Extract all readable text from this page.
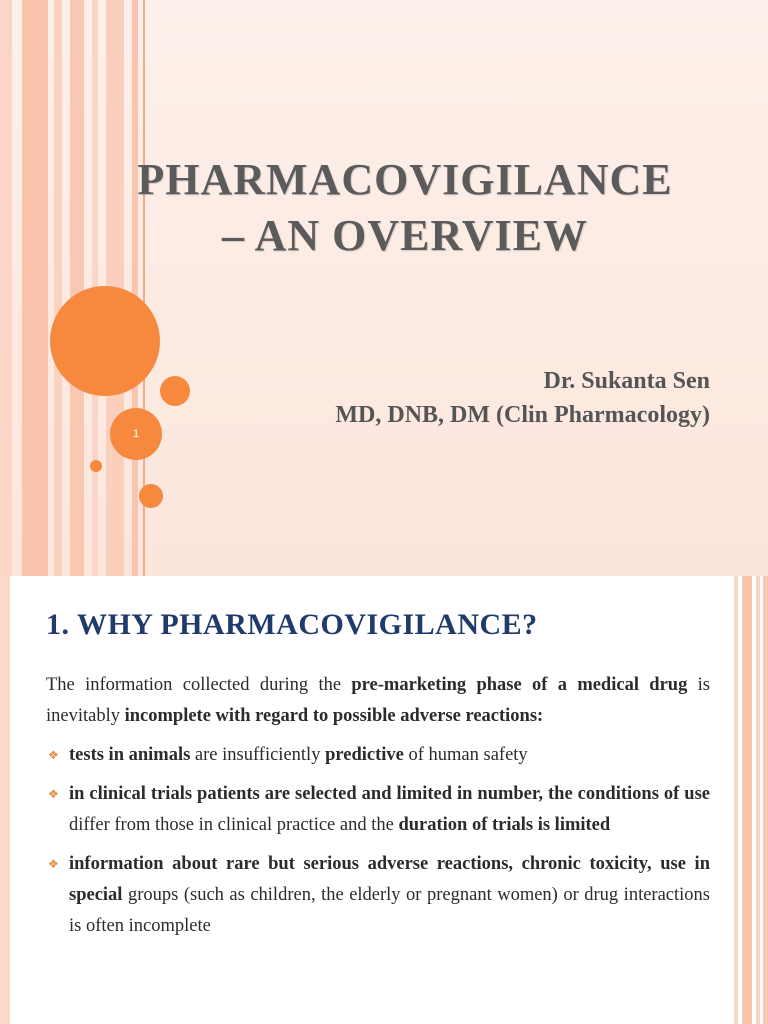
1
PHARMACOVIGILANCE
– AN OVERVIEW
Dr. Sukanta Sen
MD, DNB, DM (Clin Pharmacology)
1. WHY PHARMACOVIGILANCE?

The information collected during the pre-marketing phase of a medical drug is inevitably incomplete with regard to possible adverse reactions:

❖ tests in animals are insufficiently predictive of human safety
❖ in clinical trials patients are selected and limited in number, the conditions of use differ from those in clinical practice and the duration of trials is limited
❖ information about rare but serious adverse reactions, chronic toxicity, use in special groups (such as children, the elderly or pregnant women) or drug interactions is often incomplete
